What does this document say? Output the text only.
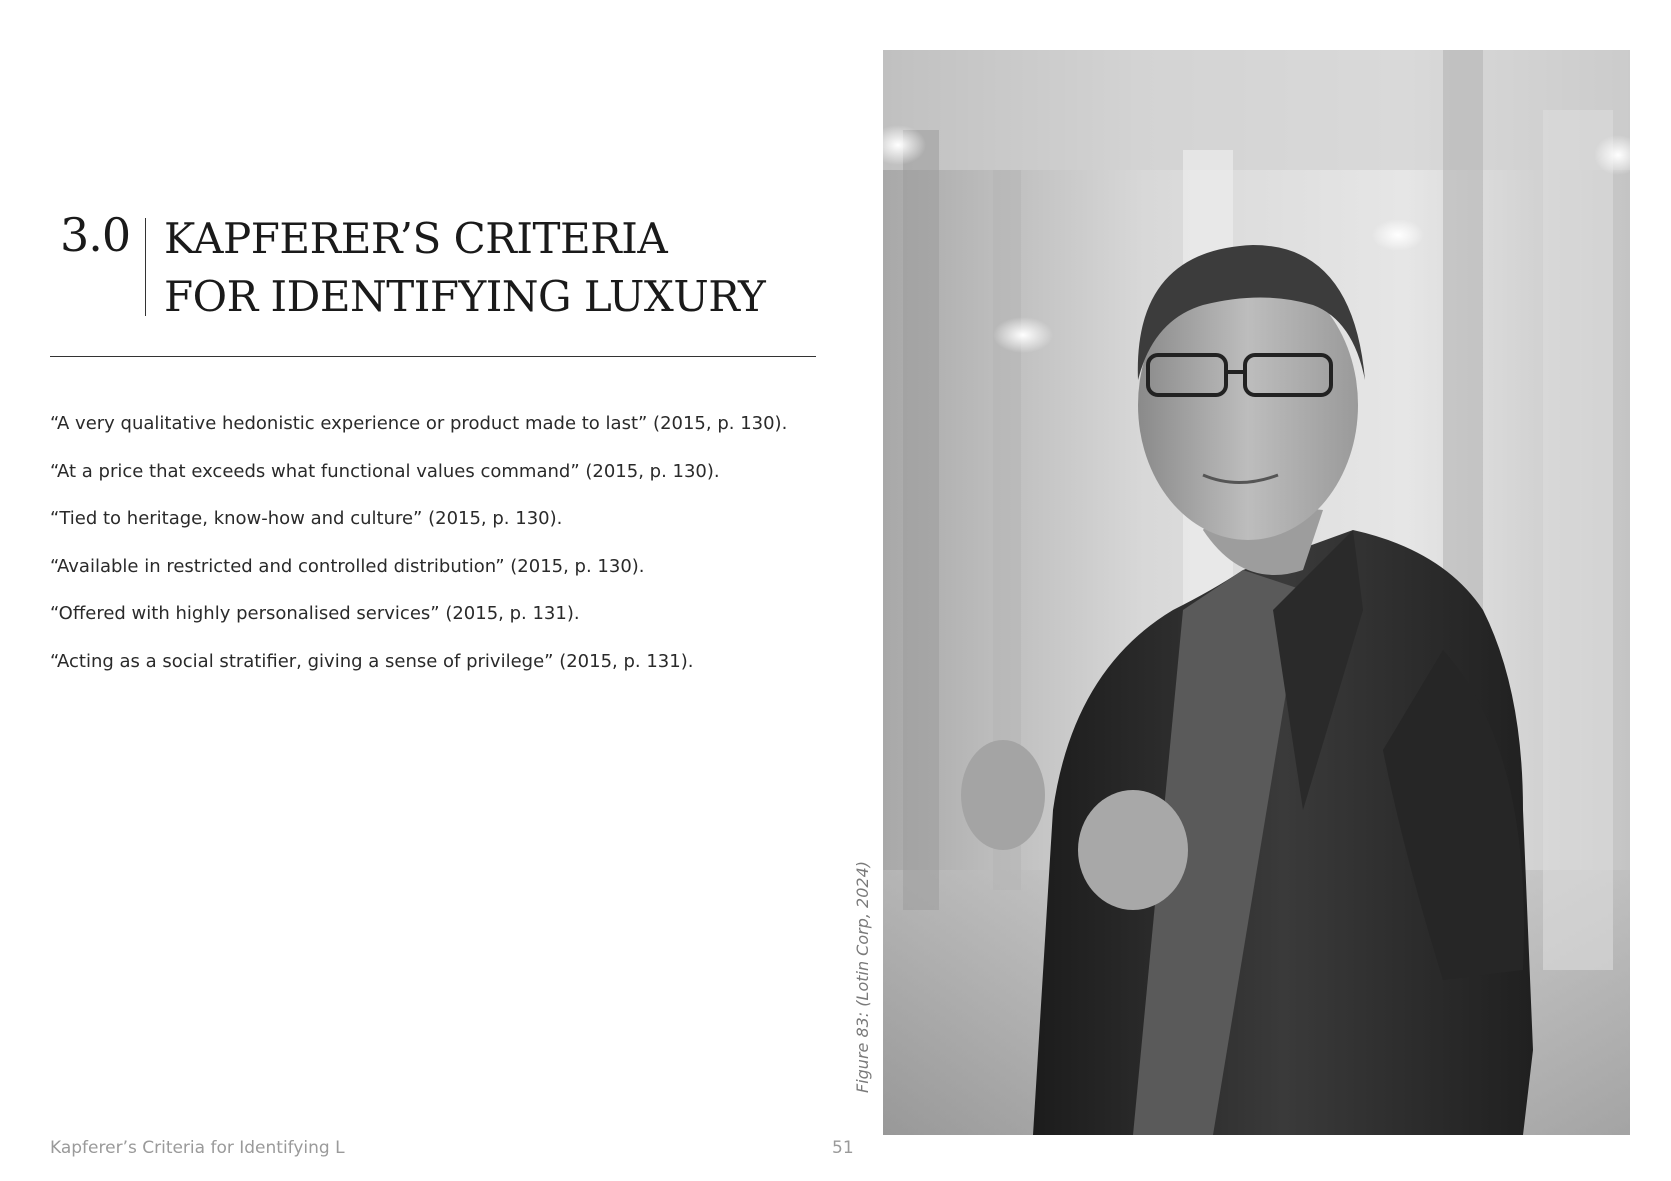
3.0 KAPFERER’S CRITERIA
FOR IDENTIFYING LUXURY
“A very qualitative hedonistic experience or product made to last” (2015, p. 130).
“At a price that exceeds what functional values command” (2015, p. 130).
“Tied to heritage, know-how and culture” (2015, p. 130).
“Available in restricted and controlled distribution” (2015, p. 130).
“Offered with highly personalised services” (2015, p. 131).
“Acting as a social stratifier, giving a sense of privilege” (2015, p. 131).
Figure 83: (Lotin Corp, 2024)
Kapferer’s Criteria for Identifying L	51
